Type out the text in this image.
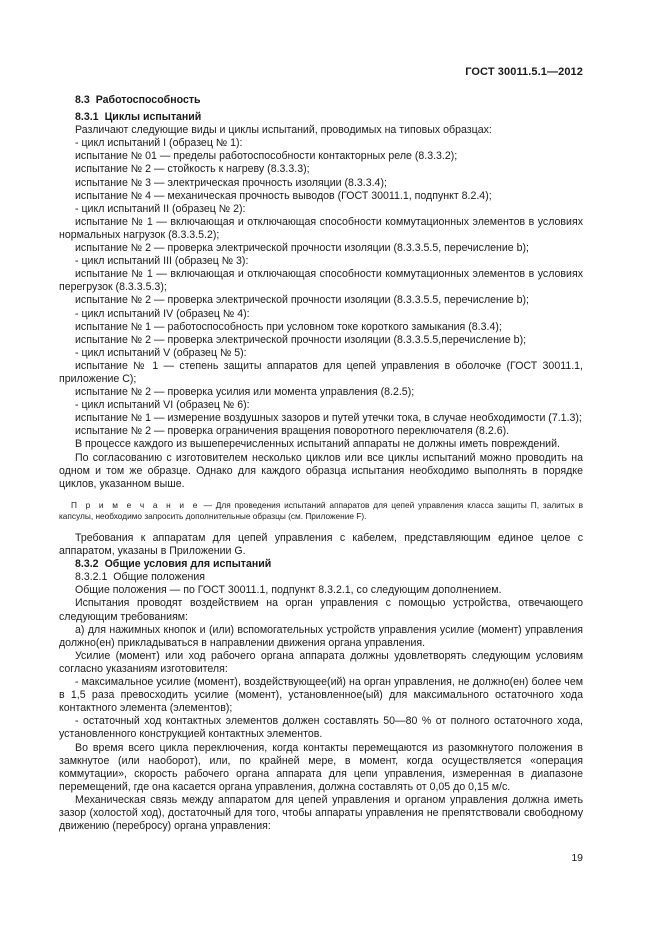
ГОСТ 30011.5.1—2012

8.3 Работоспособность

8.3.1 Циклы испытаний

Различают следующие виды и циклы испытаний, проводимых на типовых образцах:

- цикл испытаний I (образец № 1):

испытание № 01 — пределы работоспособности контакторных реле (8.3.3.2);

испытание № 2 — стойкость к нагреву (8.3.3.3);

испытание № 3 — электрическая прочность изоляции (8.3.3.4);

испытание № 4 — механическая прочность выводов (ГОСТ 30011.1, подпункт 8.2.4);

- цикл испытаний II (образец № 2):

испытание № 1 — включающая и отключающая способности коммутационных элементов в условиях нормальных нагрузок (8.3.3.5.2);

испытание № 2 — проверка электрической прочности изоляции (8.3.3.5.5, перечисление b);

- цикл испытаний III (образец № 3):

испытание № 1 — включающая и отключающая способности коммутационных элементов в условиях перегрузок (8.3.3.5.3);

испытание № 2 — проверка электрической прочности изоляции (8.3.3.5.5, перечисление b);

- цикл испытаний IV (образец № 4):

испытание № 1 — работоспособность при условном токе короткого замыкания (8.3.4);

испытание № 2 — проверка электрической прочности изоляции (8.3.3.5.5,перечисление b);

- цикл испытаний V (образец № 5):

испытание № 1 — степень защиты аппаратов для цепей управления в оболочке (ГОСТ 30011.1, приложение С);

испытание № 2 — проверка усилия или момента управления (8.2.5);

- цикл испытаний VI (образец № 6):

испытание № 1 — измерение воздушных зазоров и путей утечки тока, в случае необходимости (7.1.3);

испытание № 2 — проверка ограничения вращения поворотного переключателя (8.2.6).

В процессе каждого из вышеперечисленных испытаний аппараты не должны иметь повреждений.

По согласованию с изготовителем несколько циклов или все циклы испытаний можно проводить на одном и том же образце. Однако для каждого образца испытания необходимо выполнять в порядке циклов, указанном выше.

П р и м е ч а н и е — Для проведения испытаний аппаратов для цепей управления класса защиты П, залитых в капсулы, необходимо запросить дополнительные образцы (см. Приложение F).

Требования к аппаратам для цепей управления с кабелем, представляющим единое целое с аппаратом, указаны в Приложении G.

8.3.2 Общие условия для испытаний

8.3.2.1 Общие положения

Общие положения — по ГОСТ 30011.1, подпункт 8.3.2.1, со следующим дополнением.

Испытания проводят воздействием на орган управления с помощью устройства, отвечающего следующим требованиям:

а) для нажимных кнопок и (или) вспомогательных устройств управления усилие (момент) управления должно(ен) прикладываться в направлении движения органа управления.

Усилие (момент) или ход рабочего органа аппарата должны удовлетворять следующим условиям согласно указаниям изготовителя:

- максимальное усилие (момент), воздействующее(ий) на орган управления, не должно(ен) более чем в 1,5 раза превосходить усилие (момент), установленное(ый) для максимального остаточного хода контактного элемента (элементов);

- остаточный ход контактных элементов должен составлять 50—80 % от полного остаточного хода, установленного конструкцией контактных элементов.

Во время всего цикла переключения, когда контакты перемещаются из разомкнутого положения в замкнутое (или наоборот), или, по крайней мере, в момент, когда осуществляется «операция коммутации», скорость рабочего органа аппарата для цепи управления, измеренная в диапазоне перемещений, где она касается органа управления, должна составлять от 0,05 до 0,15 м/с.

Механическая связь между аппаратом для цепей управления и органом управления должна иметь зазор (холостой ход), достаточный для того, чтобы аппараты управления не препятствовали свободному движению (перебросу) органа управления:

19
